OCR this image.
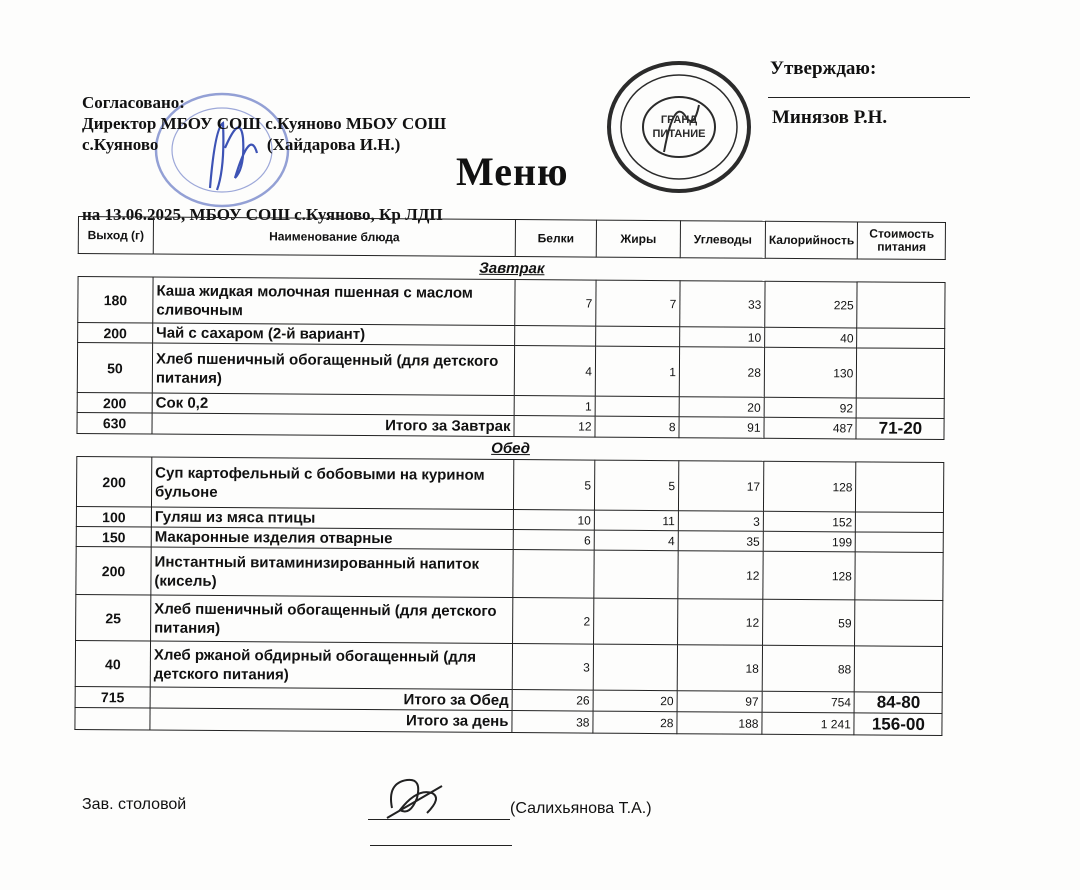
ГРАНД
ПИТАНИЕ
Согласовано:
Директор МБОУ СОШ с.Куяново МБОУ СОШ
с.Куяново	(Хайдарова И.Н.)
Утверждаю:
Минязов Р.Н.
Меню
на 13.06.2025, МБОУ СОШ с.Куяново, Кр ЛДП
Выход (г)	Наименование блюда	Белки	Жиры	Углеводы	Калорийность	Стоимость питания
Завтрак						
180	Каша жидкая молочная пшенная с маслом сливочным	7	7	33	225	
200	Чай с сахаром (2-й вариант)			10	40	
50	Хлеб пшеничный обогащенный (для детского питания)	4	1	28	130	
200	Сок 0,2	1		20	92	
630	Итого за Завтрак	12	8	91	487	71-20
Обед						
200	Суп картофельный с бобовыми на курином бульоне	5	5	17	128	
100	Гуляш из мяса птицы	10	11	3	152	
150	Макаронные изделия отварные	6	4	35	199	
200	Инстантный витаминизированный напиток (кисель)			12	128	
25	Хлеб пшеничный обогащенный (для детского питания)	2		12	59	
40	Хлеб ржаной обдирный обогащенный (для детского питания)	3		18	88	
715	Итого за Обед	26	20	97	754	84-80
	Итого за день	38	28	188	1 241	156-00
Зав. столовой	(Салихьянова Т.А.)
